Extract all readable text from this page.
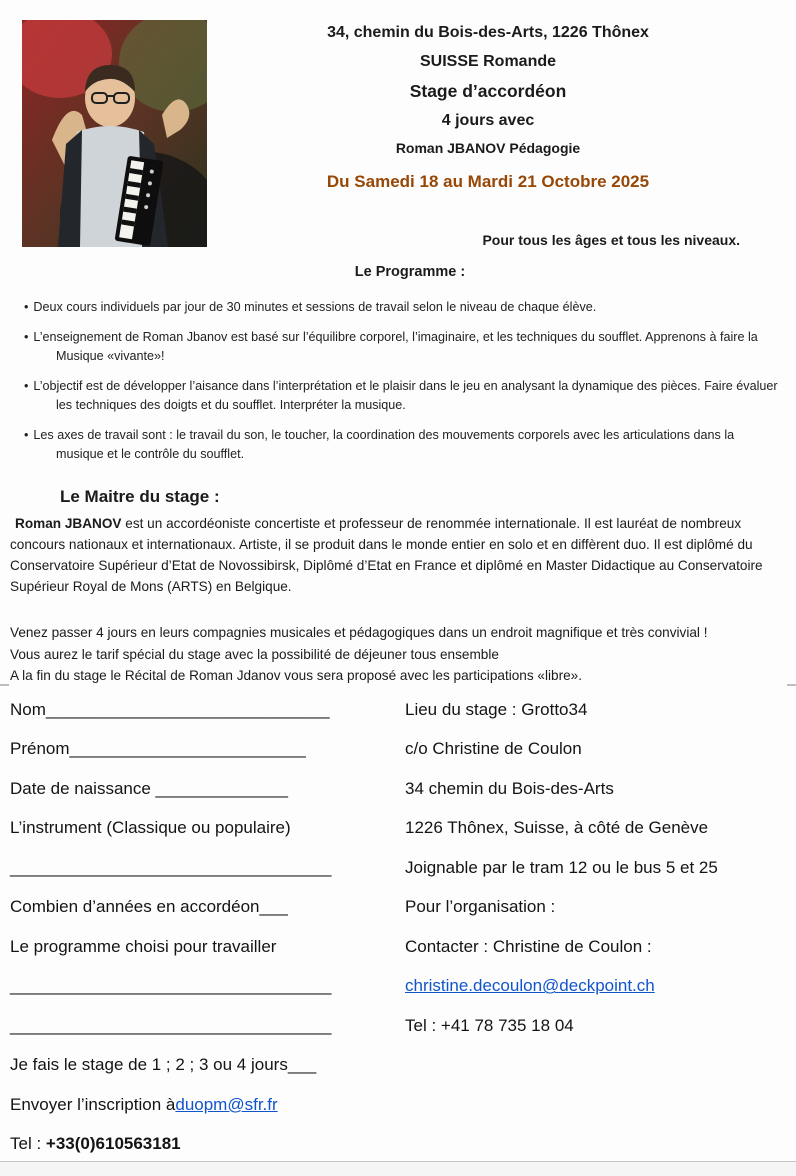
34, chemin du Bois-des-Arts, 1226 Thônex
SUISSE Romande
Stage d’accordéon
4 jours avec
Roman JBANOV Pédagogie
Du Samedi 18 au Mardi 21 Octobre 2025
Pour tous les âges et tous les niveaux.
Le Programme :
• Deux cours individuels par jour de 30 minutes et sessions de travail selon le niveau de chaque élève.
• L’enseignement de Roman Jbanov est basé sur l’équilibre corporel, l’imaginaire, et les techniques du soufflet. Apprenons à faire la Musique «vivante»!
• L’objectif est de développer l’aisance dans l’interprétation et le plaisir dans le jeu en analysant la dynamique des pièces. Faire évaluer les techniques des doigts et du soufflet. Interpréter la musique.
• Les axes de travail sont : le travail du son, le toucher, la coordination des mouvements corporels avec les articulations dans la musique et le contrôle du soufflet.
Le Maitre du stage :
Roman JBANOV est un accordéoniste concertiste et professeur de renommée internationale. Il est lauréat de nombreux concours nationaux et internationaux. Artiste, il se produit dans le monde entier en solo et en diffèrent duo. Il est diplômé du Conservatoire Supérieur d’Etat de Novossibirsk, Diplômé d’Etat en France et diplômé en Master Didactique au Conservatoire Supérieur Royal de Mons (ARTS) en Belgique.
Venez passer 4 jours en leurs compagnies musicales et pédagogiques dans un endroit magnifique et très convivial !
Vous aurez le tarif spécial du stage avec la possibilité de déjeuner tous ensemble
A la fin du stage le Récital de Roman Jdanov vous sera proposé avec les participations «libre».
Nom______________________________
Prénom_________________________
Date de naissance ______________
L’instrument (Classique ou populaire)
__________________________________
Combien d’années en accordéon___
Le programme choisi pour travailler
__________________________________
__________________________________
Je fais le stage de 1 ; 2 ; 3 ou 4 jours___
Envoyer l’inscription à duopm@sfr.fr
Tel :
+33(0)610563181
Lieu du stage : Grotto34
c/o Christine de Coulon
34 chemin du Bois-des-Arts
1226 Thônex, Suisse, à côté de Genève
Joignable par le tram 12 ou le bus 5 et 25
Pour l’organisation :
Contacter : Christine de Coulon :
christine.decoulon@deckpoint.ch
Tel : +41 78 735 18 04
